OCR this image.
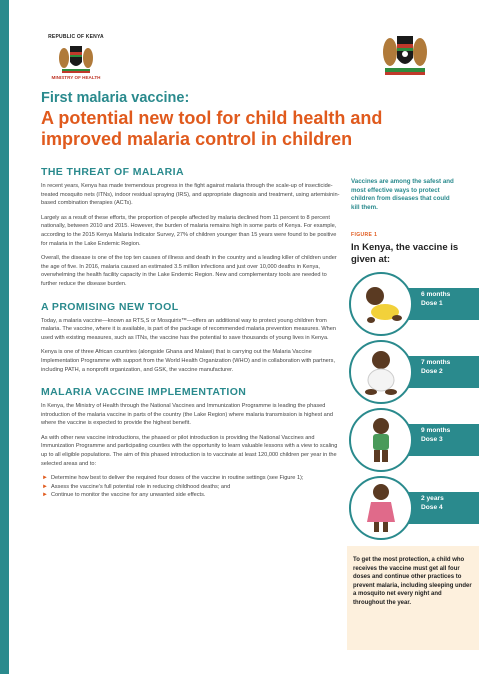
REPUBLIC OF KENYA
MINISTRY OF HEALTH
First malaria vaccine:
A potential new tool for child health and improved malaria control in children
THE THREAT OF MALARIA

In recent years, Kenya has made tremendous progress in the fight against malaria through the scale-up of insecticide-treated mosquito nets (ITNs), indoor residual spraying (IRS), and appropriate diagnosis and treatment, using artemisinin-based combination therapies (ACTs).

Largely as a result of these efforts, the proportion of people affected by malaria declined from 11 percent to 8 percent nationally, between 2010 and 2015. However, the burden of malaria remains high in some parts of Kenya. For example, according to the 2015 Kenya Malaria Indicator Survey, 27% of children younger than 15 years were found to be positive for malaria in the Lake Endemic Region.

Overall, the disease is one of the top ten causes of illness and death in the country and a leading killer of children under the age of five. In 2016, malaria caused an estimated 3.5 million infections and just over 10,000 deaths in Kenya, overwhelming the health facility capacity in the Lake Endemic Region. New and complementary tools are needed to further reduce the disease burden.

A PROMISING NEW TOOL

Today, a malaria vaccine—known as RTS,S or Mosquirix™—offers an additional way to protect young children from malaria. The vaccine, where it is available, is part of the package of recommended malaria prevention measures. When used with existing measures, such as ITNs, the vaccine has the potential to save thousands of young lives in Kenya.

Kenya is one of three African countries (alongside Ghana and Malawi) that is carrying out the Malaria Vaccine Implementation Programme with support from the World Health Organization (WHO) and in collaboration with partners, including PATH, a nonprofit organization, and GSK, the vaccine manufacturer.

MALARIA VACCINE IMPLEMENTATION

In Kenya, the Ministry of Health through the National Vaccines and Immunization Programme is leading the phased introduction of the malaria vaccine in parts of the country (the Lake Region) where malaria transmission is highest and where the vaccine is expected to provide the highest benefit.

As with other new vaccine introductions, the phased or pilot introduction is providing the National Vaccines and Immunization Programme and participating counties with the opportunity to learn valuable lessons with a view to scaling up to all eligible populations. The aim of this phased introduction is to vaccinate at least 120,000 children per year in the selected areas and to:

► Determine how best to deliver the required four doses of the vaccine in routine settings (see Figure 1);
► Assess the vaccine's full potential role in reducing childhood deaths; and
► Continue to monitor the vaccine for any unwanted side effects.
Vaccines are among the safest and most effective ways to protect children from diseases that could kill them.
FIGURE 1
In Kenya, the vaccine is given at:
6 months
Dose 1
7 months
Dose 2
9 months
Dose 3
2 years
Dose 4
To get the most protection, a child who receives the vaccine must get all four doses and continue other practices to prevent malaria, including sleeping under a mosquito net every night and throughout the year.
